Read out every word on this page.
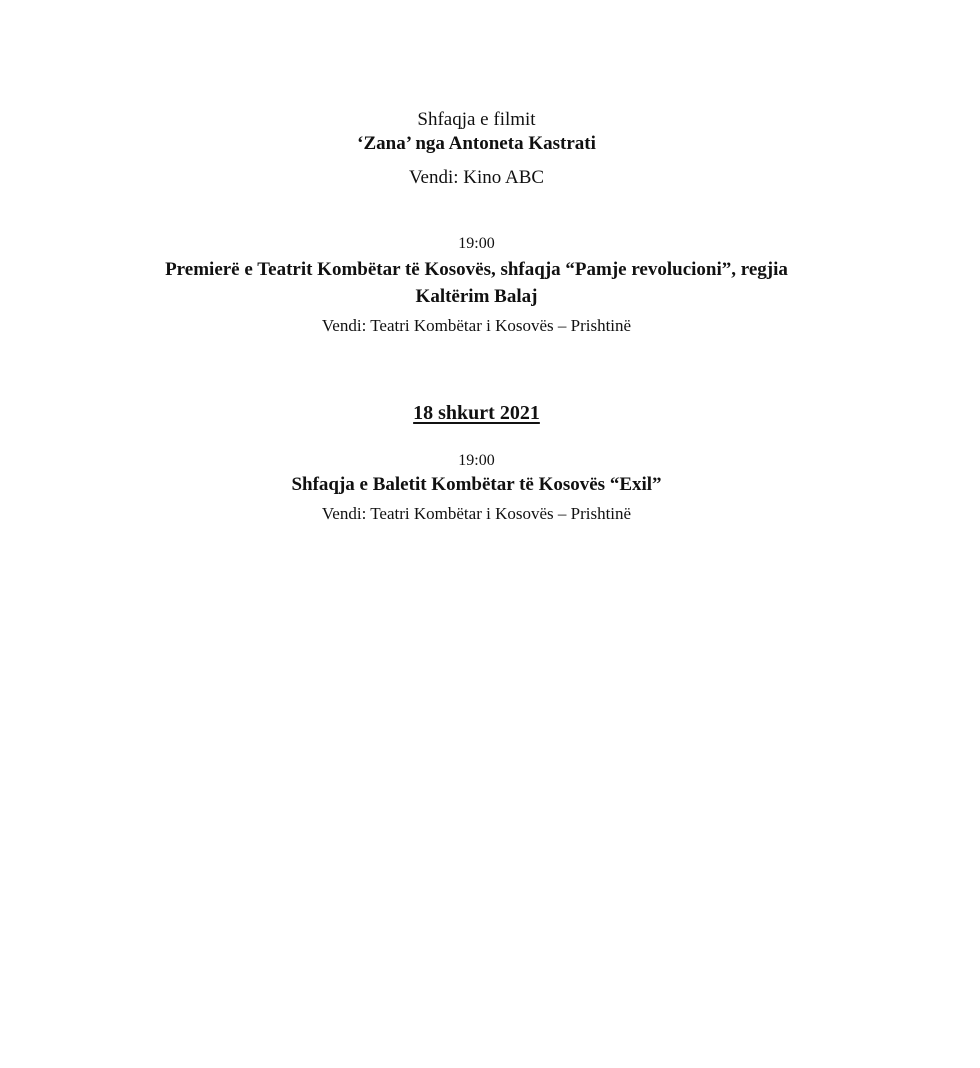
Shfaqja e filmit
‘Zana’ nga Antoneta Kastrati
Vendi: Kino ABC
19:00
Premierë e Teatrit Kombëtar të Kosovës, shfaqja “Pamje revolucioni”, regjia
Kaltërim Balaj
Vendi: Teatri Kombëtar i Kosovës – Prishtinë
18 shkurt 2021
19:00
Shfaqja e Baletit Kombëtar të Kosovës “Exil”
Vendi: Teatri Kombëtar i Kosovës – Prishtinë
